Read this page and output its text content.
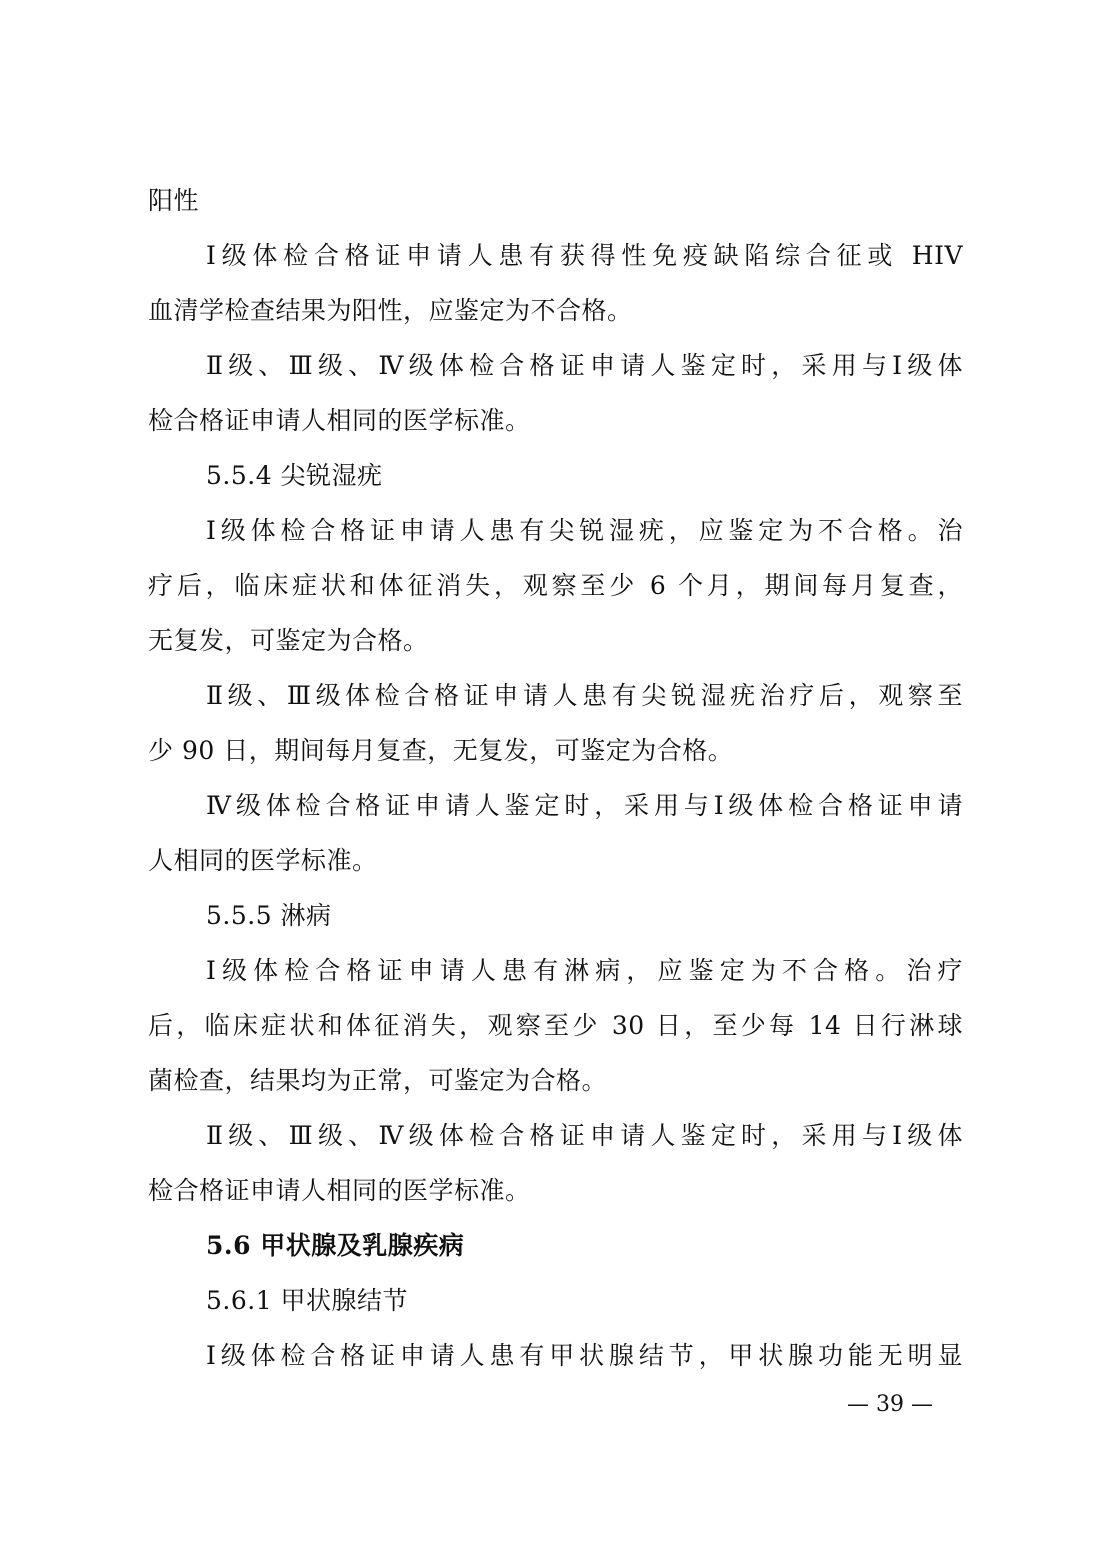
阳性
Ⅰ级体检合格证申请人患有获得性免疫缺陷综合征或 HIV
血清学检查结果为阳性，应鉴定为不合格。
Ⅱ级、Ⅲ级、Ⅳ级体检合格证申请人鉴定时，采用与Ⅰ级体
检合格证申请人相同的医学标准。
5.5.4 尖锐湿疣
Ⅰ级体检合格证申请人患有尖锐湿疣，应鉴定为不合格。治
疗后，临床症状和体征消失，观察至少 6 个月，期间每月复查，
无复发，可鉴定为合格。
Ⅱ级、Ⅲ级体检合格证申请人患有尖锐湿疣治疗后，观察至
少 90 日，期间每月复查，无复发，可鉴定为合格。
Ⅳ级体检合格证申请人鉴定时，采用与Ⅰ级体检合格证申请
人相同的医学标准。
5.5.5 淋病
Ⅰ级体检合格证申请人患有淋病，应鉴定为不合格。治疗
后，临床症状和体征消失，观察至少 30 日，至少每 14 日行淋球
菌检查，结果均为正常，可鉴定为合格。
Ⅱ级、Ⅲ级、Ⅳ级体检合格证申请人鉴定时，采用与Ⅰ级体
检合格证申请人相同的医学标准。
5.6 甲状腺及乳腺疾病
5.6.1 甲状腺结节
Ⅰ级体检合格证申请人患有甲状腺结节，甲状腺功能无明显
— 39 —
